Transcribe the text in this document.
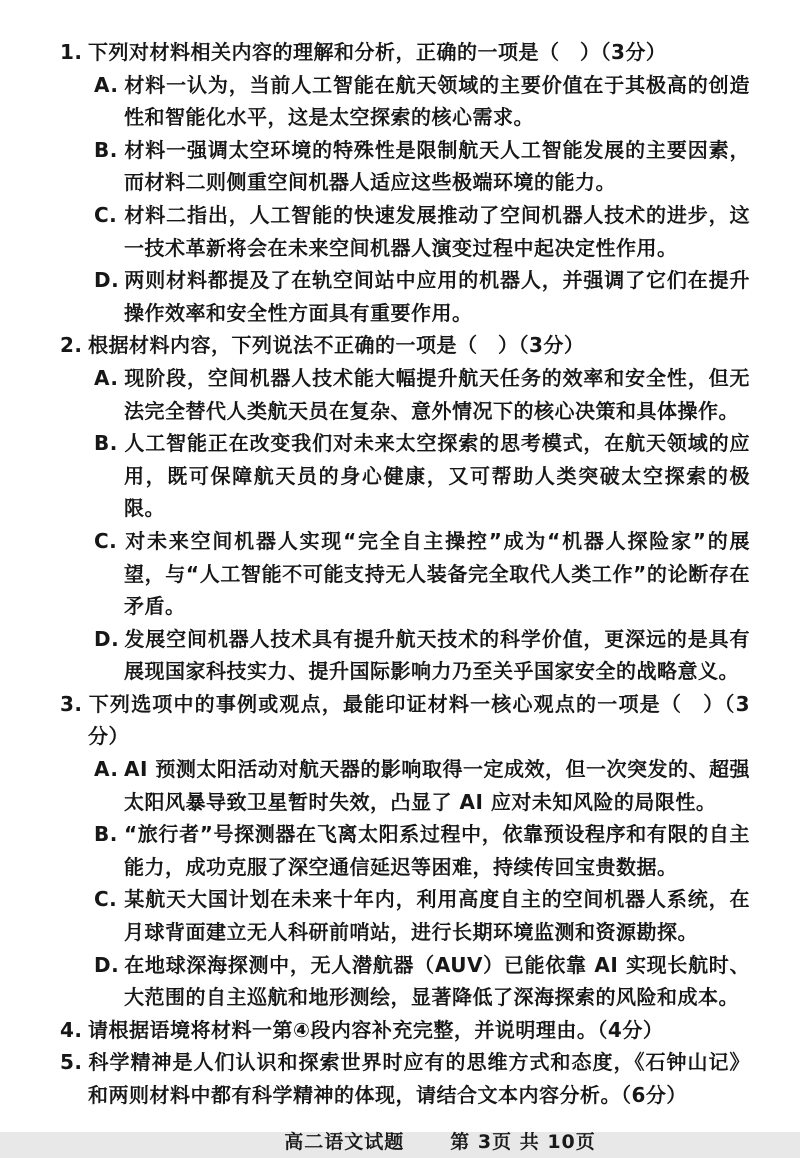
1. 下列对材料相关内容的理解和分析，正确的一项是（　）（3分）
A. 材料一认为，当前人工智能在航天领域的主要价值在于其极高的创造性和智能化水平，这是太空探索的核心需求。
B. 材料一强调太空环境的特殊性是限制航天人工智能发展的主要因素，而材料二则侧重空间机器人适应这些极端环境的能力。
C. 材料二指出，人工智能的快速发展推动了空间机器人技术的进步，这一技术革新将会在未来空间机器人演变过程中起决定性作用。
D. 两则材料都提及了在轨空间站中应用的机器人，并强调了它们在提升操作效率和安全性方面具有重要作用。
2. 根据材料内容，下列说法不正确的一项是（　）（3分）
A. 现阶段，空间机器人技术能大幅提升航天任务的效率和安全性，但无法完全替代人类航天员在复杂、意外情况下的核心决策和具体操作。
B. 人工智能正在改变我们对未来太空探索的思考模式，在航天领域的应用，既可保障航天员的身心健康，又可帮助人类突破太空探索的极限。
C. 对未来空间机器人实现“完全自主操控”成为“机器人探险家”的展望，与“人工智能不可能支持无人装备完全取代人类工作”的论断存在矛盾。
D. 发展空间机器人技术具有提升航天技术的科学价值，更深远的是具有展现国家科技实力、提升国际影响力乃至关乎国家安全的战略意义。
3. 下列选项中的事例或观点，最能印证材料一核心观点的一项是（　）（3分）
A. AI 预测太阳活动对航天器的影响取得一定成效，但一次突发的、超强太阳风暴导致卫星暂时失效，凸显了 AI 应对未知风险的局限性。
B. “旅行者”号探测器在飞离太阳系过程中，依靠预设程序和有限的自主能力，成功克服了深空通信延迟等困难，持续传回宝贵数据。
C. 某航天大国计划在未来十年内，利用高度自主的空间机器人系统，在月球背面建立无人科研前哨站，进行长期环境监测和资源勘探。
D. 在地球深海探测中，无人潜航器（AUV）已能依靠 AI 实现长航时、大范围的自主巡航和地形测绘，显著降低了深海探索的风险和成本。
4. 请根据语境将材料一第④段内容补充完整，并说明理由。（4分）
5. 科学精神是人们认识和探索世界时应有的思维方式和态度，《石钟山记》和两则材料中都有科学精神的体现，请结合文本内容分析。（6分）
高二语文试题 第 3页 共 10页
